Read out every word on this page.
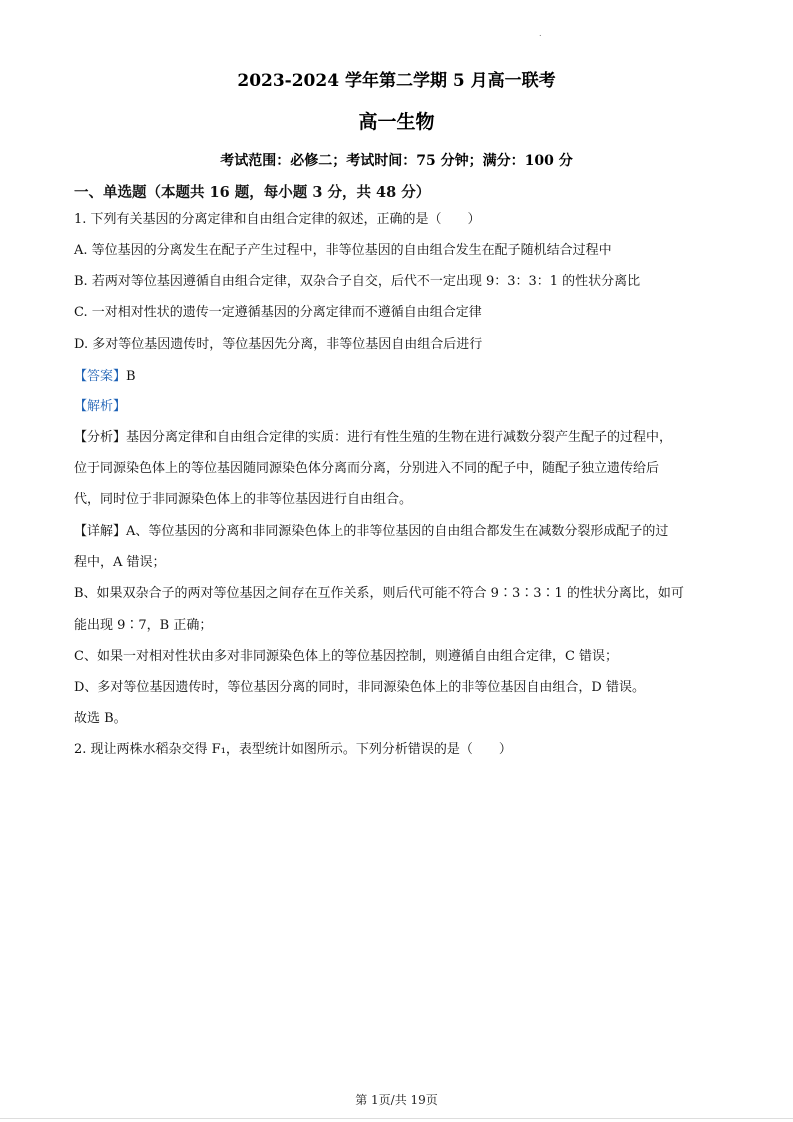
.
2023-2024 学年第二学期 5 月高一联考
高一生物
考试范围：必修二；考试时间：75 分钟；满分：100 分
一、单选题（本题共 16 题，每小题 3 分，共 48 分）
1. 下列有关基因的分离定律和自由组合定律的叙述，正确的是（　　）
A. 等位基因的分离发生在配子产生过程中，非等位基因的自由组合发生在配子随机结合过程中
B. 若两对等位基因遵循自由组合定律，双杂合子自交，后代不一定出现 9：3：3：1 的性状分离比
C. 一对相对性状的遗传一定遵循基因的分离定律而不遵循自由组合定律
D. 多对等位基因遗传时，等位基因先分离，非等位基因自由组合后进行
【答案】B
【解析】
【分析】基因分离定律和自由组合定律的实质：进行有性生殖的生物在进行减数分裂产生配子的过程中，
位于同源染色体上的等位基因随同源染色体分离而分离，分别进入不同的配子中，随配子独立遗传给后
代，同时位于非同源染色体上的非等位基因进行自由组合。
【详解】A、等位基因的分离和非同源染色体上的非等位基因的自由组合都发生在减数分裂形成配子的过
程中，A 错误；
B、如果双杂合子的两对等位基因之间存在互作关系，则后代可能不符合 9∶3∶3∶1 的性状分离比，如可
能出现 9∶7，B 正确；
C、如果一对相对性状由多对非同源染色体上的等位基因控制，则遵循自由组合定律，C 错误；
D、多对等位基因遗传时，等位基因分离的同时，非同源染色体上的非等位基因自由组合，D 错误。
故选 B。
2. 现让两株水稻杂交得 F₁，表型统计如图所示。下列分析错误的是（　　）
第 1页/共 19页
